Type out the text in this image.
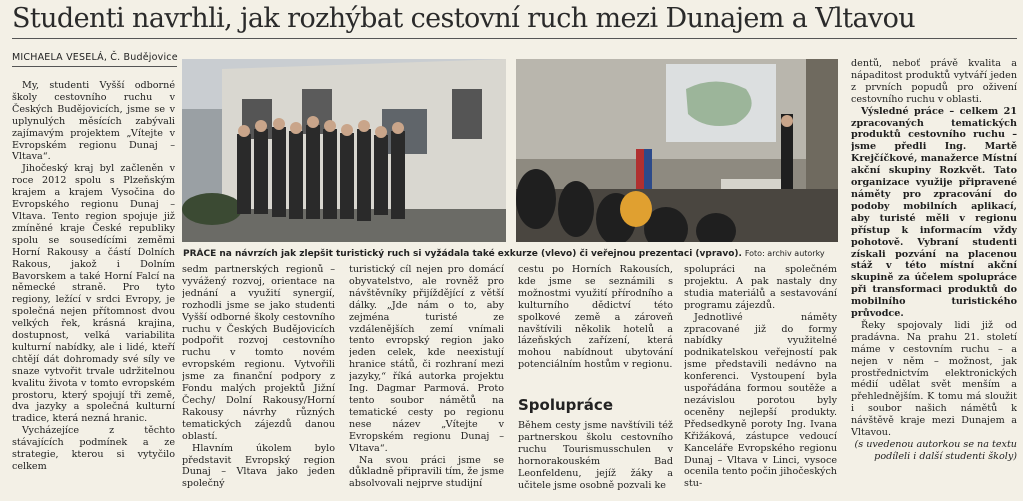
Studenti navrhli, jak rozhýbat cestovní ruch mezi Dunajem a Vltavou
MICHAELA VESELÁ, Č. Budějovice

My, studenti Vyšší odborné školy cestovního ruchu v Českých Budějovicích, jsme se v uplynulých měsících zabývali zajímavým projektem „Vítejte v Evropském regionu Dunaj – Vltava“.

Jihočeský kraj byl začleněn v roce 2012 spolu s Plzeňským krajem a krajem Vysočina do Evropského regionu Dunaj – Vltava. Tento region spojuje již zmíněné kraje České republiky spolu se sousedícími zeměmi Horní Rakousy a částí Dolních Rakous, jakož i Dolním Bavorskem a také Horní Falcí na německé straně. Pro tyto regiony, ležící v srdci Evropy, je společná nejen přítomnost dvou velkých řek, krásná krajina, dostupnost, velká variabilita kulturní nabídky, ale i lidé, kteří chtějí dát dohromady své síly ve snaze vytvořit trvale udržitelnou kvalitu života v tomto evropském prostoru, který spojují tři země, dva jazyky a společná kulturní tradice, která nezná hranic.

Vycházejíce z těchto stávajících podmínek a ze strategie, kterou si vytyčilo celkem

PRÁCE na návrzích jak zlepšit turistický ruch si vyžádala také exkurze (vlevo) či veřejnou prezentaci (vpravo). Foto: archiv autorky

sedm partnerských regionů – vyvážený rozvoj, orientace na jednání a využití synergií, rozhodli jsme se jako studenti Vyšší odborné školy cestovního ruchu v Českých Budějovicích podpořit rozvoj cestovního ruchu v tomto novém evropském regionu. Vytvořili jsme za finanční podpory z Fondu malých projektů Jižní Čechy/ Dolní Rakousy/Horní Rakousy návrhy různých tematických zájezdů danou oblastí.

Hlavním úkolem bylo představit Evropský region Dunaj – Vltava jako jeden společný

turistický cíl nejen pro domácí obyvatelstvo, ale rovněž pro návštěvníky přijíždějící z větší dálky. „Jde nám o to, aby zejména turisté ze vzdálenějších zemí vnímali tento evropský region jako jeden celek, kde neexistují hranice států, či rozhraní mezi jazyky,“ říká autorka projektu Ing. Dagmar Parmová. Proto tento soubor námětů na tematické cesty po regionu nese název „Vítejte v Evropském regionu Dunaj – Vltava“.

Na svou práci jsme se důkladně připravili tím, že jsme absolvovali nejprve studijní

cestu po Horních Rakousích, kde jsme se seznámili s možnostmi využití přírodního a kulturního dědictví této spolkové země a zároveň navštívili několik hotelů a lázeňských zařízení, která mohou nabídnout ubytování potenciálním hostům v regionu.

Spolupráce

Během cesty jsme navštívili též partnerskou školu cestovního ruchu Tourismusschulen v hornorakouském Bad Leonfeldenu, jejíž žáky a učitele jsme osobně pozvali ke

spolupráci na společném projektu. A pak nastaly dny studia materiálů a sestavování programu zájezdů.

Jednotlivé náměty zpracované již do formy nabídky využitelné podnikatelskou veřejností pak jsme představili nedávno na konferenci. Vystoupení byla uspořádána formou soutěže a nezávislou porotou byly oceněny nejlepší produkty. Předsedkyně poroty Ing. Ivana Křižáková, zástupce vedoucí Kanceláře Evropského regionu Dunaj – Vltava v Linci, vysoce ocenila tento počin jihočeských stu-

dentů, neboť právě kvalita a nápaditost produktů vytváří jeden z prvních popudů pro oživení cestovního ruchu v oblasti.

Výsledné práce – celkem 21 zpracovaných tematických produktů cestovního ruchu – jsme předli Ing. Martě Krejčíčkové, manažerce Místní akční skupiny Rozkvět. Tato organizace využije připravené náměty pro zpracování do podoby mobilních aplikací, aby turisté měli v regionu přístup k informacím vždy pohotově. Vybraní studenti získali pozvání na placenou stáž v této místní akční skupině za účelem spolupráce při transformaci produktů do mobilního turistického průvodce.

Řeky spojovaly lidi již od pradávna. Na prahu 21. století máme v cestovním ruchu – a nejen v něm – možnost, jak prostřednictvím elektronických médií udělat svět menším a přehlednějším. K tomu má sloužit i soubor našich námětů k návštěvě kraje mezi Dunajem a Vltavou.

(s uvedenou autorkou se na textu podíleli i další studenti školy)
